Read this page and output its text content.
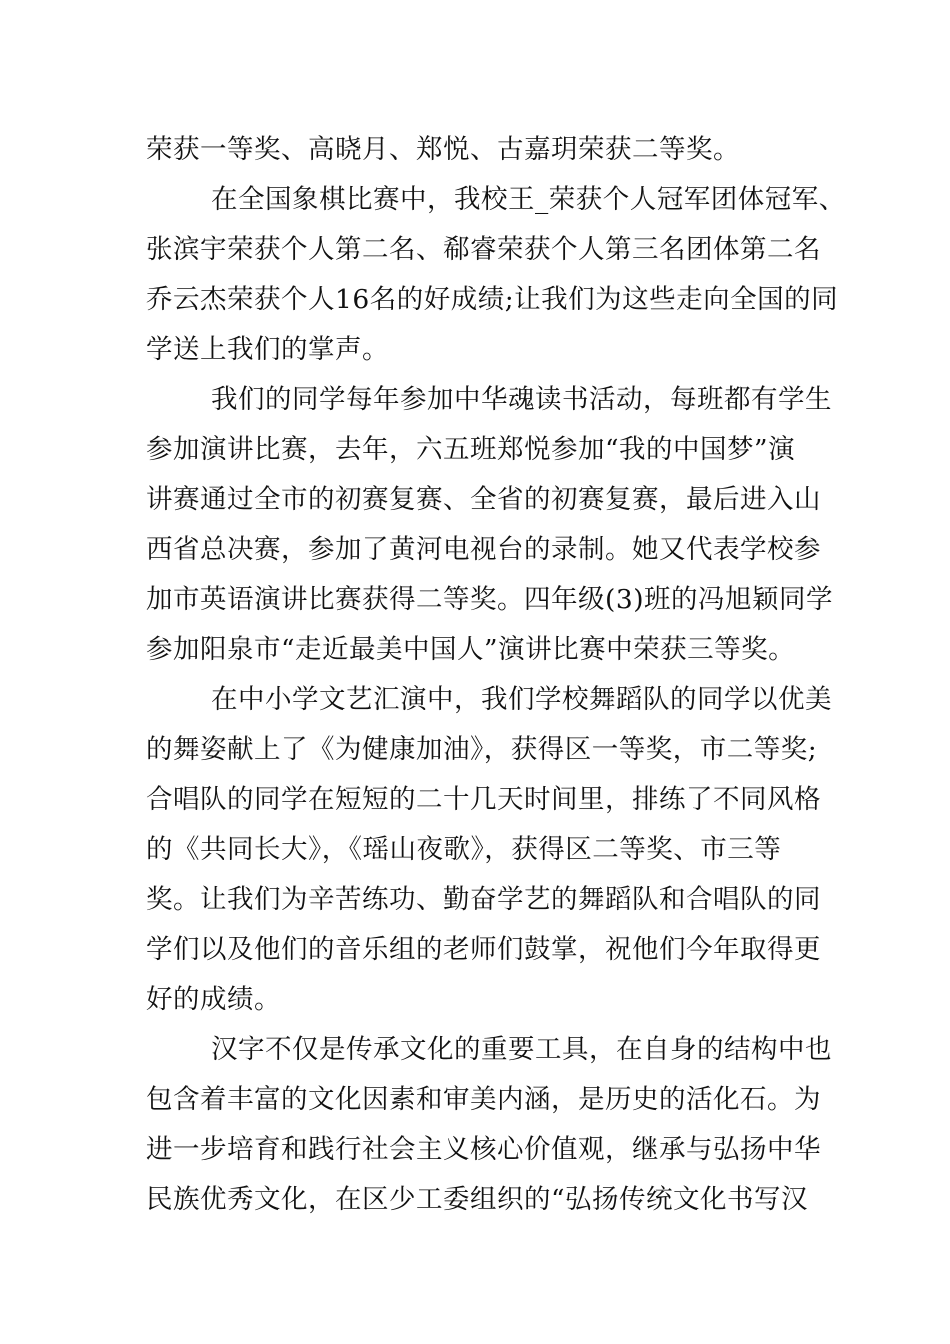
荣获一等奖、高晓月、郑悦、古嘉玥荣获二等奖。
在全国象棋比赛中，我校王_荣获个人冠军团体冠军、
张滨宇荣获个人第二名、郗睿荣获个人第三名团体第二名
乔云杰荣获个人16名的好成绩;让我们为这些走向全国的同
学送上我们的掌声。
我们的同学每年参加中华魂读书活动，每班都有学生
参加演讲比赛，去年，六五班郑悦参加“我的中国梦”演
讲赛通过全市的初赛复赛、全省的初赛复赛，最后进入山
西省总决赛，参加了黄河电视台的录制。她又代表学校参
加市英语演讲比赛获得二等奖。四年级(3)班的冯旭颖同学
参加阳泉市“走近最美中国人”演讲比赛中荣获三等奖。
在中小学文艺汇演中，我们学校舞蹈队的同学以优美
的舞姿献上了《为健康加油》，获得区一等奖，市二等奖;
合唱队的同学在短短的二十几天时间里，排练了不同风格
的《共同长大》，《瑶山夜歌》，获得区二等奖、市三等
奖。让我们为辛苦练功、勤奋学艺的舞蹈队和合唱队的同
学们以及他们的音乐组的老师们鼓掌，祝他们今年取得更
好的成绩。
汉字不仅是传承文化的重要工具，在自身的结构中也
包含着丰富的文化因素和审美内涵，是历史的活化石。为
进一步培育和践行社会主义核心价值观，继承与弘扬中华
民族优秀文化，在区少工委组织的“弘扬传统文化书写汉
